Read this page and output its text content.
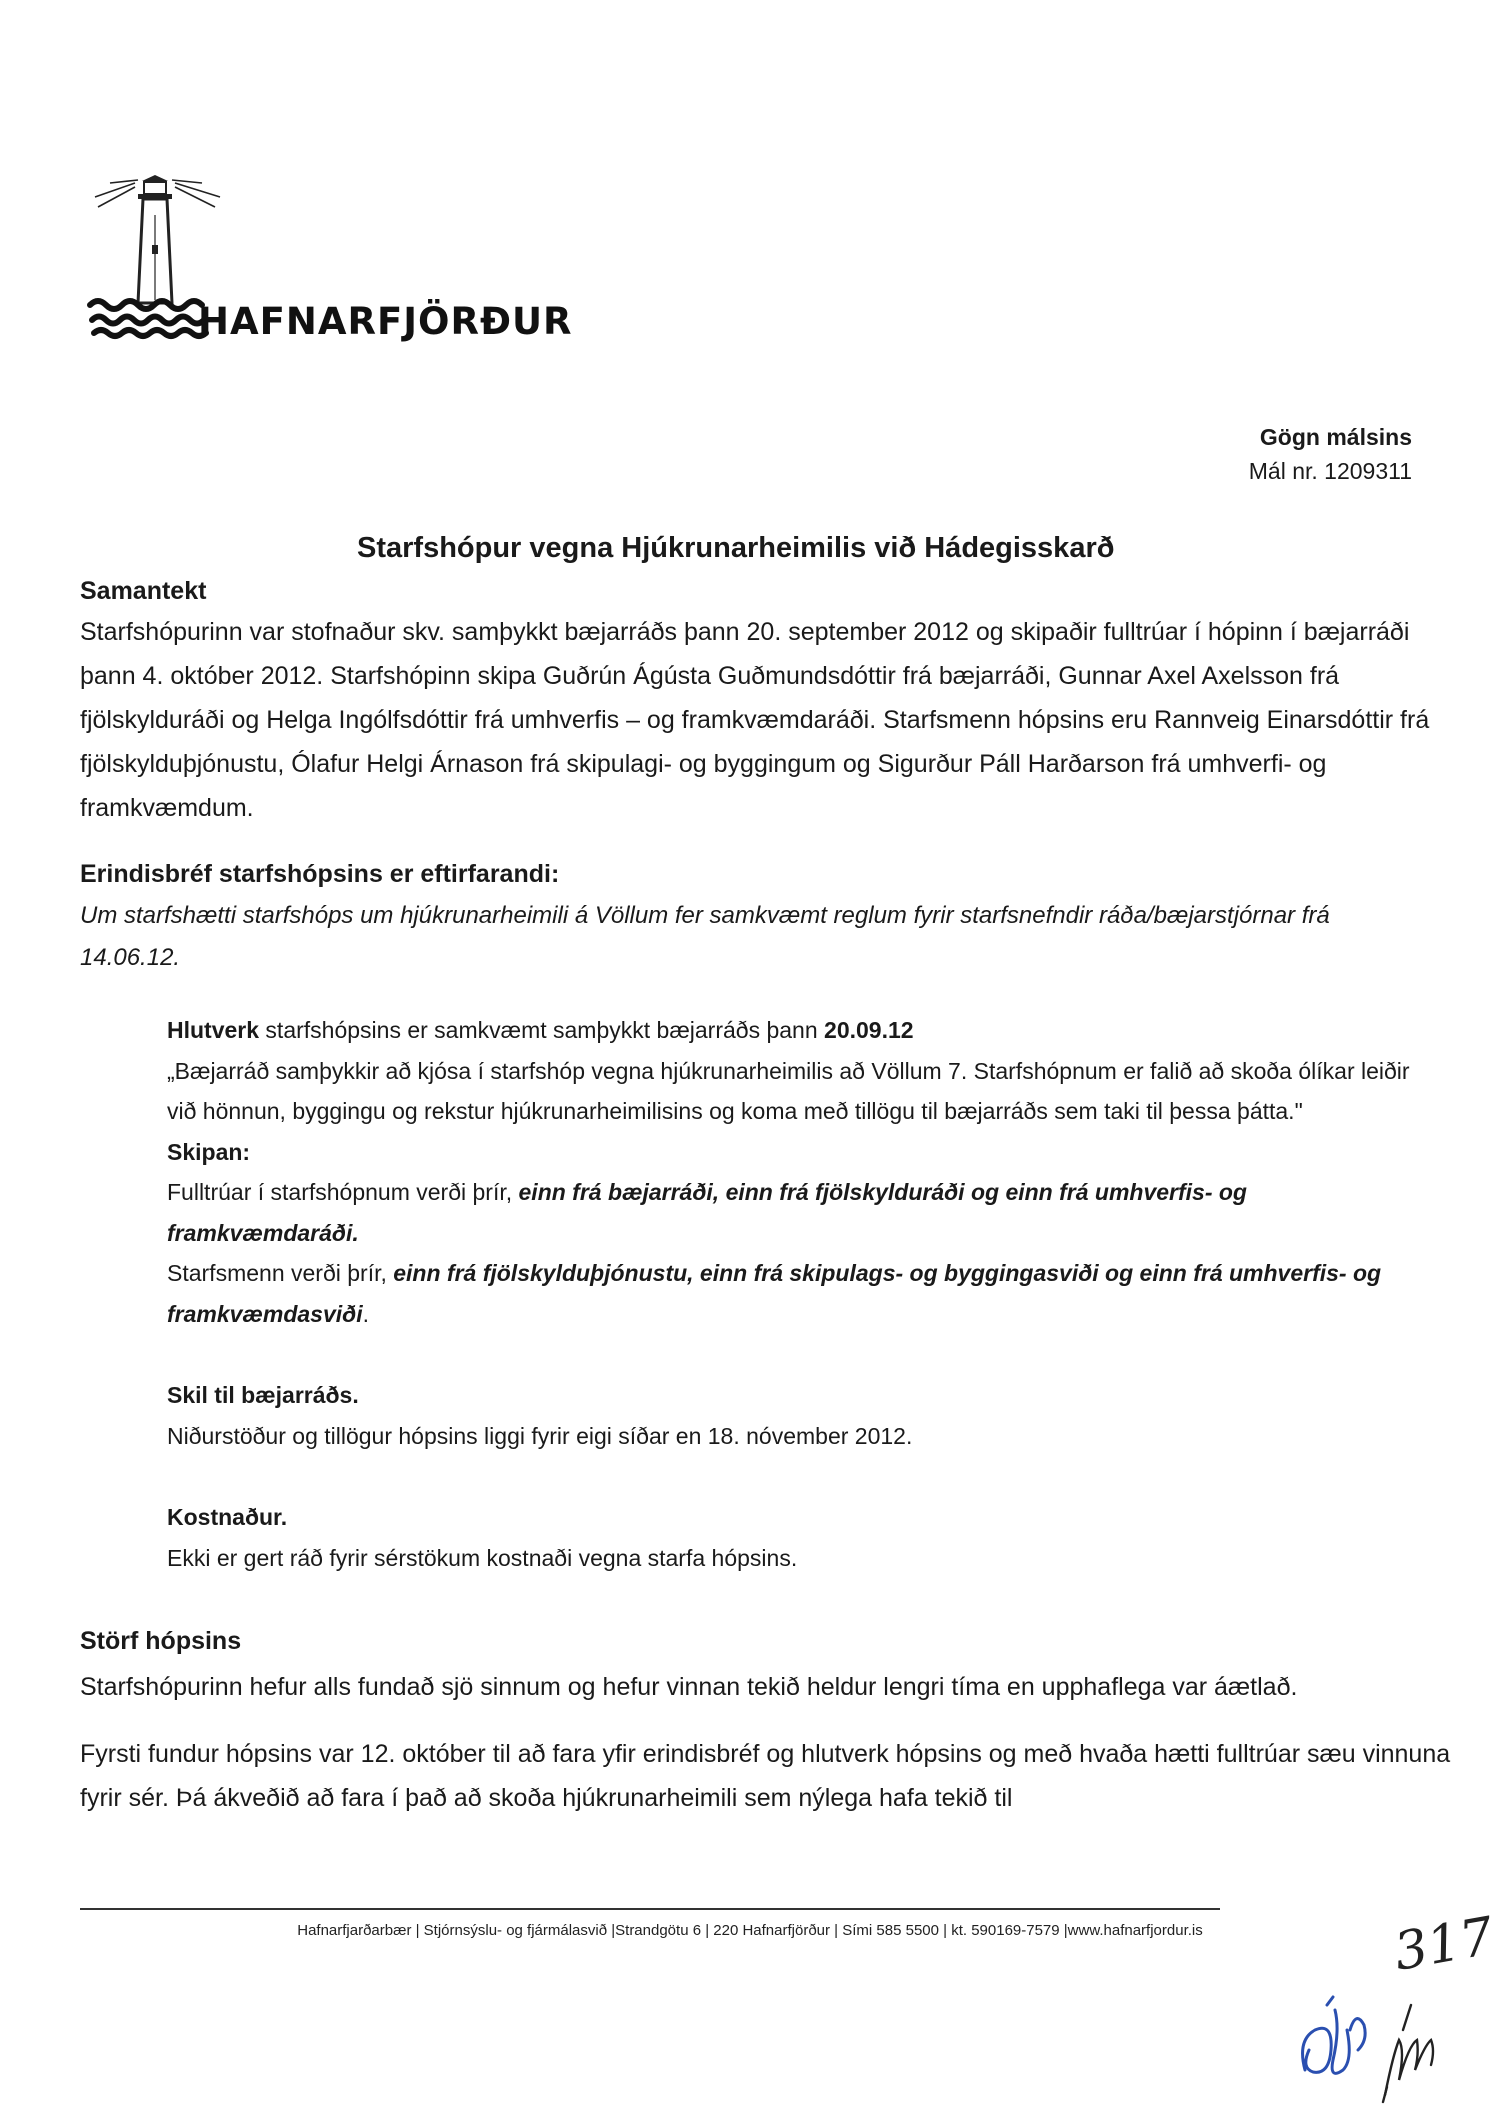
HAFNARFJÖRÐUR
Gögn málsins
Mál nr. 1209311
Starfshópur vegna Hjúkrunarheimilis við Hádegisskarð
Samantekt

Starfshópurinn var stofnaður skv. samþykkt bæjarráðs þann 20. september 2012 og skipaðir fulltrúar í hópinn í bæjarráði þann 4. október 2012. Starfshópinn skipa Guðrún Ágústa Guðmundsdóttir frá bæjarráði, Gunnar Axel Axelsson frá fjölskylduráði og Helga Ingólfsdóttir frá umhverfis – og framkvæmdaráði. Starfsmenn hópsins eru Rannveig Einarsdóttir frá fjölskylduþjónustu, Ólafur Helgi Árnason frá skipulagi- og byggingum og Sigurður Páll Harðarson frá umhverfi- og framkvæmdum.

Erindisbréf starfshópsins er eftirfarandi:

Um starfshætti starfshóps um hjúkrunarheimili á Völlum fer samkvæmt reglum fyrir starfsnefndir ráða/bæjarstjórnar frá 14.06.12.

Hlutverk starfshópsins er samkvæmt samþykkt bæjarráðs þann 20.09.12
„Bæjarráð samþykkir að kjósa í starfshóp vegna hjúkrunarheimilis að Völlum 7. Starfshópnum er falið að skoða ólíkar leiðir við hönnun, byggingu og rekstur hjúkrunarheimilisins og koma með tillögu til bæjarráðs sem taki til þessa þátta."
Skipan:
Fulltrúar í starfshópnum verði þrír, einn frá bæjarráði, einn frá fjölskylduráði og einn frá umhverfis- og framkvæmdaráði.
Starfsmenn verði þrír, einn frá fjölskylduþjónustu, einn frá skipulags- og byggingasviði og einn frá umhverfis- og framkvæmdasviði.
Skil til bæjarráðs.
Niðurstöður og tillögur hópsins liggi fyrir eigi síðar en 18. nóvember 2012.
Kostnaður.
Ekki er gert ráð fyrir sérstökum kostnaði vegna starfa hópsins.
Störf hópsins

Starfshópurinn hefur alls fundað sjö sinnum og hefur vinnan tekið heldur lengri tíma en upphaflega var áætlað.

Fyrsti fundur hópsins var 12. október til að fara yfir erindisbréf og hlutverk hópsins og með hvaða hætti fulltrúar sæu vinnuna fyrir sér. Þá ákveðið að fara í það að skoða hjúkrunarheimili sem nýlega hafa tekið til

Hafnarfjarðarbær | Stjórnsýslu- og fjármálasvið |Strandgötu 6 | 220 Hafnarfjörður | Sími 585 5500 | kt. 590169-7579 |www.hafnarfjordur.is	317
